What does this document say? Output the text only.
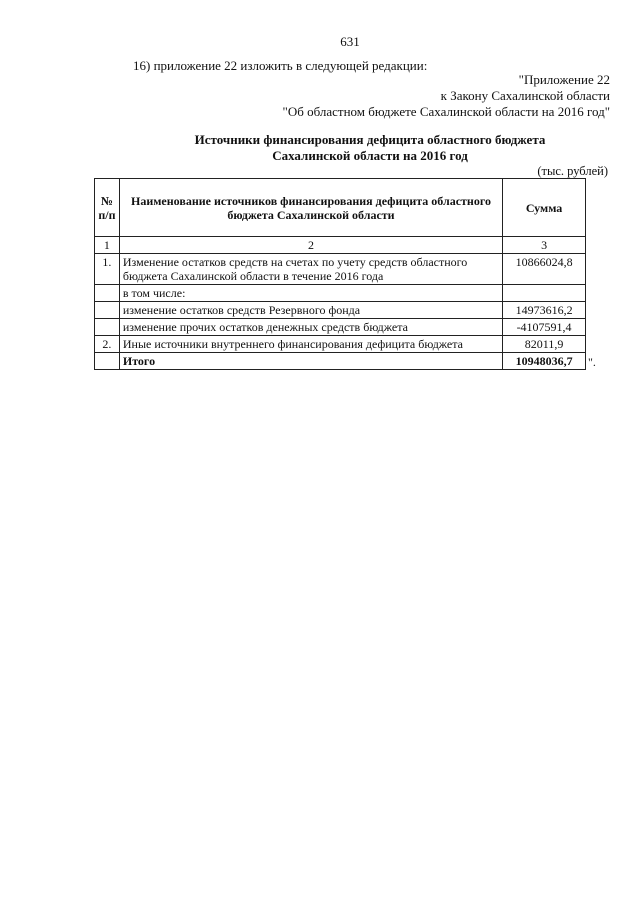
631
16) приложение 22 изложить в следующей редакции:
"Приложение 22
к Закону Сахалинской области
"Об областном бюджете Сахалинской области на 2016 год"
Источники финансирования дефицита областного бюджета
Сахалинской области на 2016 год
(тыс. рублей)
№ п/п	Наименование источников финансирования дефицита областного бюджета Сахалинской области	Сумма
1	2	3
1.	Изменение остатков средств на счетах по учету средств областного бюджета Сахалинской области в течение 2016 года	10866024,8
	в том числе:	
	изменение остатков средств Резервного фонда	14973616,2
	изменение прочих остатков денежных средств бюджета	-4107591,4
2.	Иные источники внутреннего финансирования дефицита бюджета	82011,9
	Итого	10948036,7 ".
